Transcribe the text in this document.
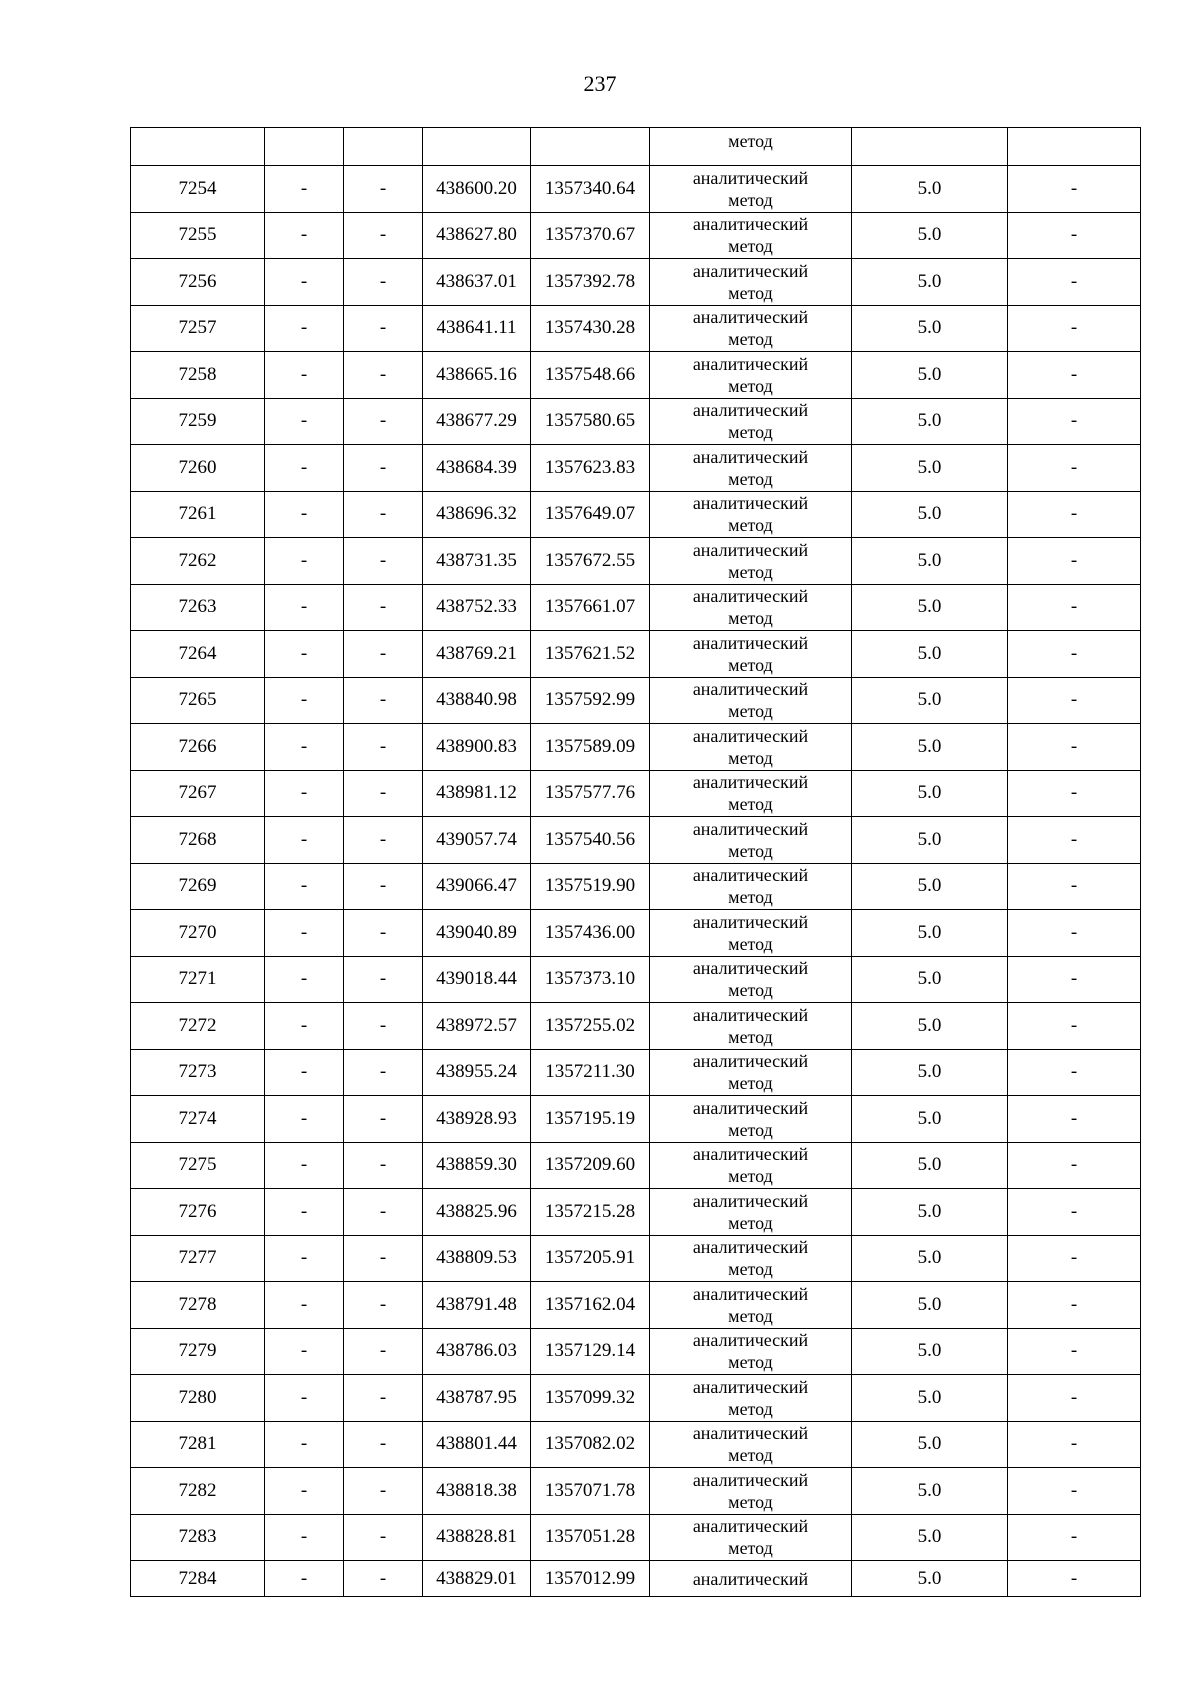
237
					метод		
7254	-	-	438600.20	1357340.64	аналитический метод	5.0	-
7255	-	-	438627.80	1357370.67	аналитический метод	5.0	-
7256	-	-	438637.01	1357392.78	аналитический метод	5.0	-
7257	-	-	438641.11	1357430.28	аналитический метод	5.0	-
7258	-	-	438665.16	1357548.66	аналитический метод	5.0	-
7259	-	-	438677.29	1357580.65	аналитический метод	5.0	-
7260	-	-	438684.39	1357623.83	аналитический метод	5.0	-
7261	-	-	438696.32	1357649.07	аналитический метод	5.0	-
7262	-	-	438731.35	1357672.55	аналитический метод	5.0	-
7263	-	-	438752.33	1357661.07	аналитический метод	5.0	-
7264	-	-	438769.21	1357621.52	аналитический метод	5.0	-
7265	-	-	438840.98	1357592.99	аналитический метод	5.0	-
7266	-	-	438900.83	1357589.09	аналитический метод	5.0	-
7267	-	-	438981.12	1357577.76	аналитический метод	5.0	-
7268	-	-	439057.74	1357540.56	аналитический метод	5.0	-
7269	-	-	439066.47	1357519.90	аналитический метод	5.0	-
7270	-	-	439040.89	1357436.00	аналитический метод	5.0	-
7271	-	-	439018.44	1357373.10	аналитический метод	5.0	-
7272	-	-	438972.57	1357255.02	аналитический метод	5.0	-
7273	-	-	438955.24	1357211.30	аналитический метод	5.0	-
7274	-	-	438928.93	1357195.19	аналитический метод	5.0	-
7275	-	-	438859.30	1357209.60	аналитический метод	5.0	-
7276	-	-	438825.96	1357215.28	аналитический метод	5.0	-
7277	-	-	438809.53	1357205.91	аналитический метод	5.0	-
7278	-	-	438791.48	1357162.04	аналитический метод	5.0	-
7279	-	-	438786.03	1357129.14	аналитический метод	5.0	-
7280	-	-	438787.95	1357099.32	аналитический метод	5.0	-
7281	-	-	438801.44	1357082.02	аналитический метод	5.0	-
7282	-	-	438818.38	1357071.78	аналитический метод	5.0	-
7283	-	-	438828.81	1357051.28	аналитический метод	5.0	-
7284	-	-	438829.01	1357012.99	аналитический	5.0	-
